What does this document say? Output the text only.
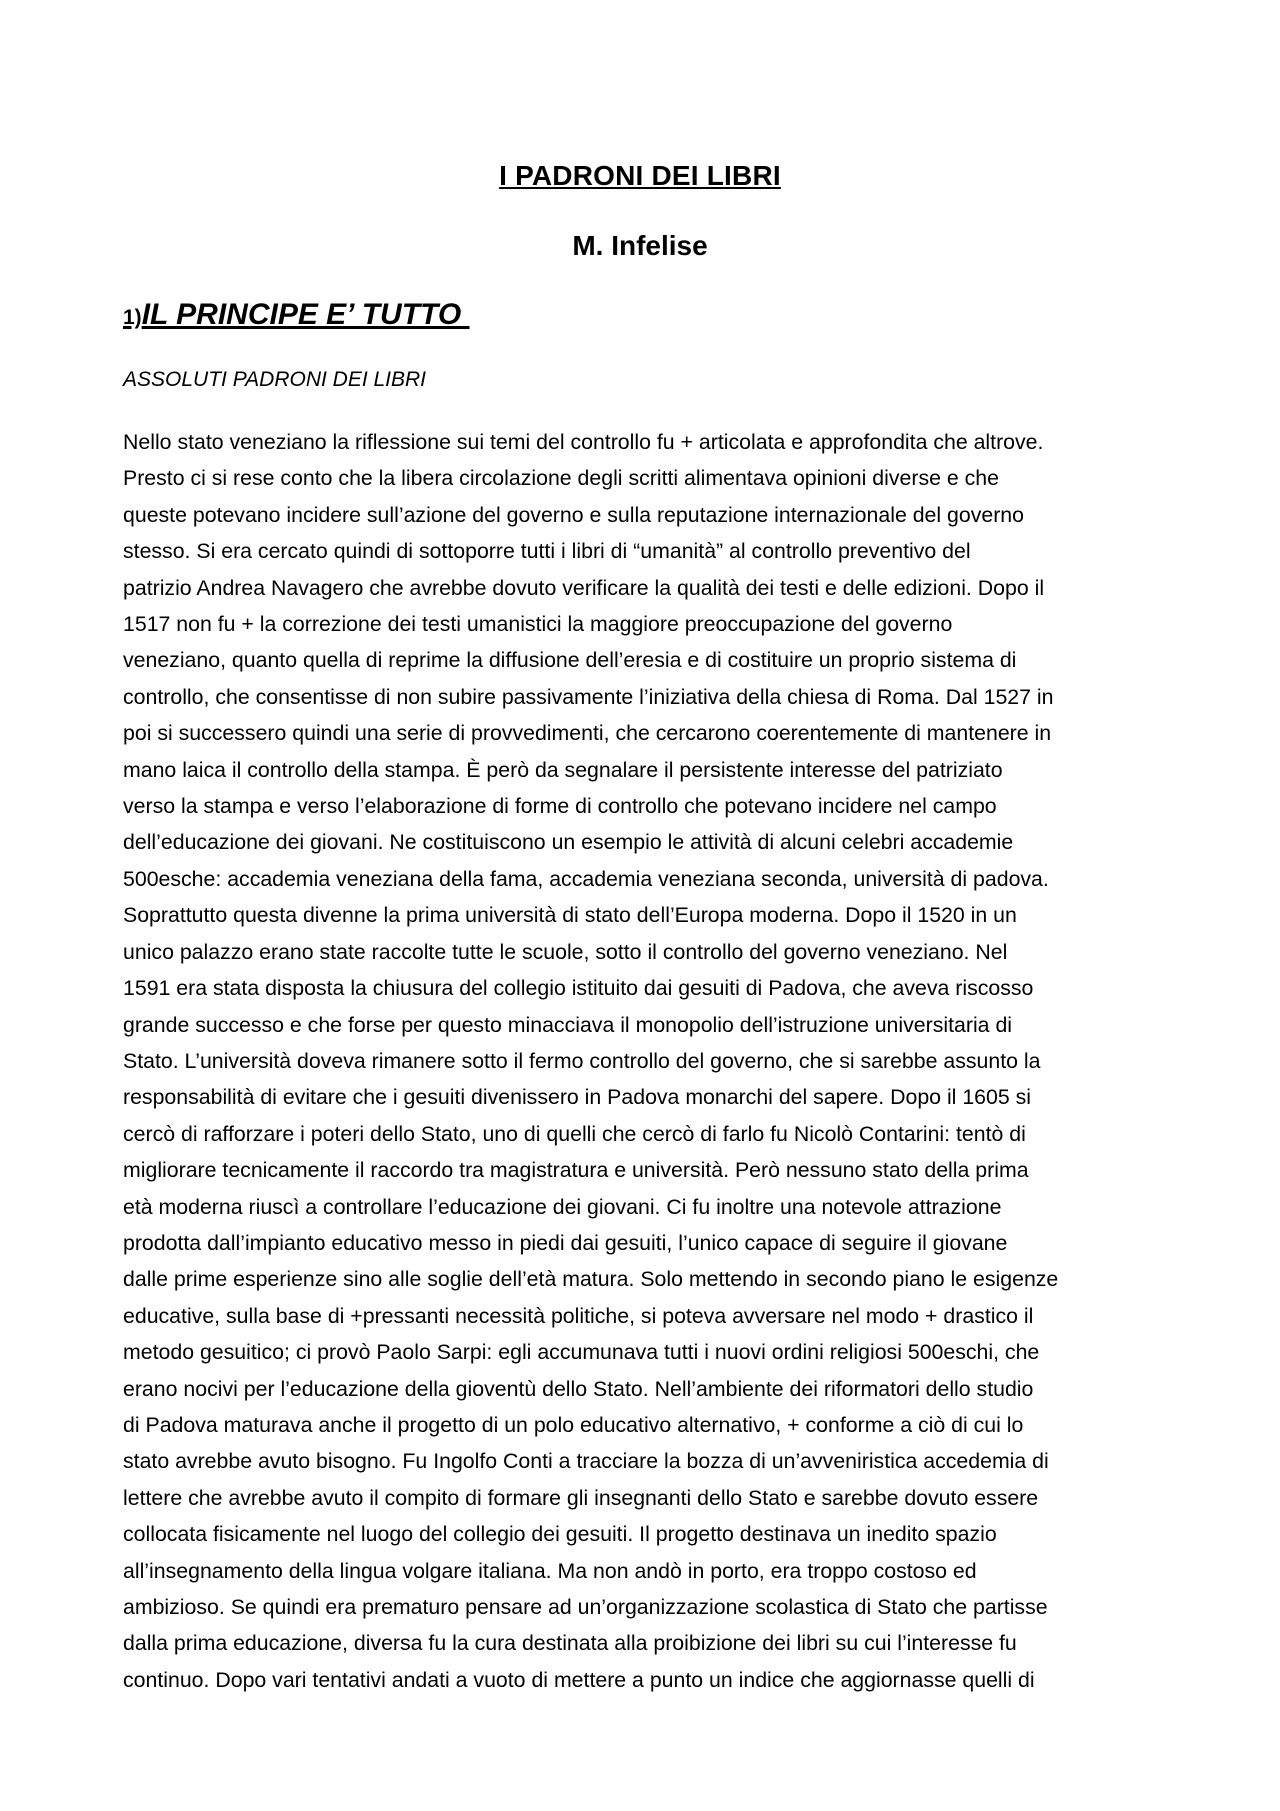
I PADRONI DEI LIBRI
M. Infelise
1)IL PRINCIPE E’ TUTTO

ASSOLUTI PADRONI DEI LIBRI

Nello stato veneziano la riflessione sui temi del controllo fu + articolata e approfondita che altrove.
Presto ci si rese conto che la libera circolazione degli scritti alimentava opinioni diverse e che
queste potevano incidere sull’azione del governo e sulla reputazione internazionale del governo
stesso. Si era cercato quindi di sottoporre tutti i libri di “umanità” al controllo preventivo del
patrizio Andrea Navagero che avrebbe dovuto verificare la qualità dei testi e delle edizioni. Dopo il
1517 non fu + la correzione dei testi umanistici la maggiore preoccupazione del governo
veneziano, quanto quella di reprime la diffusione dell’eresia e di costituire un proprio sistema di
controllo, che consentisse di non subire passivamente l’iniziativa della chiesa di Roma. Dal 1527 in
poi si successero quindi una serie di provvedimenti, che cercarono coerentemente di mantenere in
mano laica il controllo della stampa. È però da segnalare il persistente interesse del patriziato
verso la stampa e verso l’elaborazione di forme di controllo che potevano incidere nel campo
dell’educazione dei giovani. Ne costituiscono un esempio le attività di alcuni celebri accademie
500esche: accademia veneziana della fama, accademia veneziana seconda, università di padova.
Soprattutto questa divenne la prima università di stato dell’Europa moderna. Dopo il 1520 in un
unico palazzo erano state raccolte tutte le scuole, sotto il controllo del governo veneziano. Nel
1591 era stata disposta la chiusura del collegio istituito dai gesuiti di Padova, che aveva riscosso
grande successo e che forse per questo minacciava il monopolio dell’istruzione universitaria di
Stato. L’università doveva rimanere sotto il fermo controllo del governo, che si sarebbe assunto la
responsabilità di evitare che i gesuiti divenissero in Padova monarchi del sapere. Dopo il 1605 si
cercò di rafforzare i poteri dello Stato, uno di quelli che cercò di farlo fu Nicolò Contarini: tentò di
migliorare tecnicamente il raccordo tra magistratura e università. Però nessuno stato della prima
età moderna riuscì a controllare l’educazione dei giovani. Ci fu inoltre una notevole attrazione
prodotta dall’impianto educativo messo in piedi dai gesuiti, l’unico capace di seguire il giovane
dalle prime esperienze sino alle soglie dell’età matura. Solo mettendo in secondo piano le esigenze
educative, sulla base di +pressanti necessità politiche, si poteva avversare nel modo + drastico il
metodo gesuitico; ci provò Paolo Sarpi: egli accumunava tutti i nuovi ordini religiosi 500eschi, che
erano nocivi per l’educazione della gioventù dello Stato. Nell’ambiente dei riformatori dello studio
di Padova maturava anche il progetto di un polo educativo alternativo, + conforme a ciò di cui lo
stato avrebbe avuto bisogno. Fu Ingolfo Conti a tracciare la bozza di un’avveniristica accedemia di
lettere che avrebbe avuto il compito di formare gli insegnanti dello Stato e sarebbe dovuto essere
collocata fisicamente nel luogo del collegio dei gesuiti. Il progetto destinava un inedito spazio
all’insegnamento della lingua volgare italiana. Ma non andò in porto, era troppo costoso ed
ambizioso. Se quindi era prematuro pensare ad un’organizzazione scolastica di Stato che partisse
dalla prima educazione, diversa fu la cura destinata alla proibizione dei libri su cui l’interesse fu
continuo. Dopo vari tentativi andati a vuoto di mettere a punto un indice che aggiornasse quelli di
